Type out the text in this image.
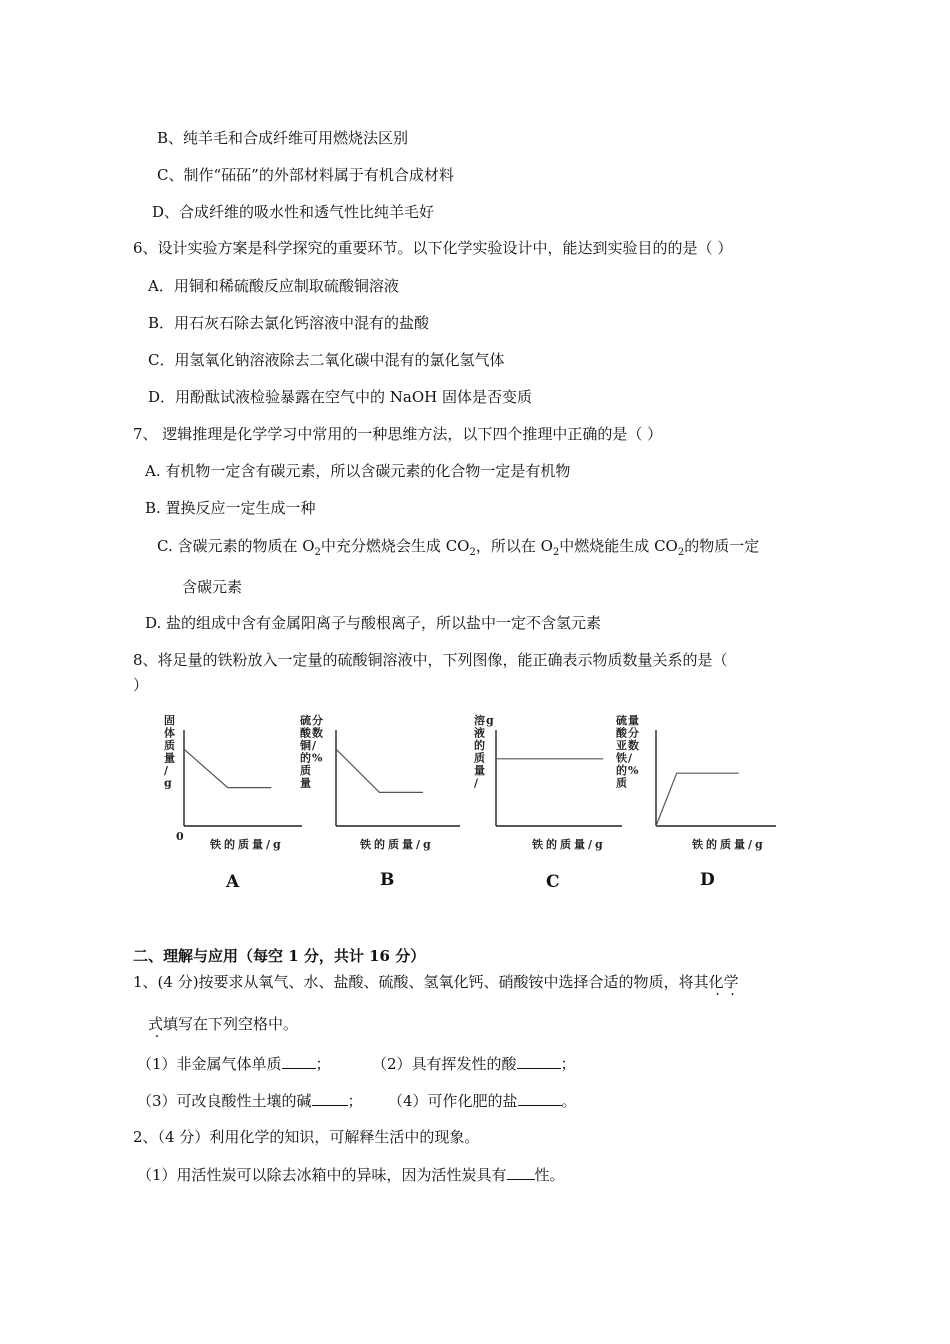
B、纯羊毛和合成纤维可用燃烧法区别
C、制作“砳砳”的外部材料属于有机合成材料
D、合成纤维的吸水性和透气性比纯羊毛好
6、设计实验方案是科学探究的重要环节。以下化学实验设计中，能达到实验目的的是（ ）
A．用铜和稀硫酸反应制取硫酸铜溶液
B．用石灰石除去氯化钙溶液中混有的盐酸
C．用氢氧化钠溶液除去二氧化碳中混有的氯化氢气体
D．用酚酞试液检验暴露在空气中的 NaOH 固体是否变质
7、 逻辑推理是化学学习中常用的一种思维方法，以下四个推理中正确的是（ ）
A. 有机物一定含有碳元素，所以含碳元素的化合物一定是有机物
B. 置换反应一定生成一种
C. 含碳元素的物质在 $O_2$中充分燃烧会生成 $CO_2$，所以在 $O_2$中燃烧能生成 $CO_2$的物质一定
含碳元素
D. 盐的组成中含有金属阳离子与酸根离子，所以盐中一定不含氢元素
8、将足量的铁粉放入一定量的硫酸铜溶液中，下列图像，能正确表示物质数量关系的是（
）
固
体
质
量
/
g
0
铁的质量/g
硫
酸
铜
的
质
量
分
数
/
%
铁的质量/g
溶
液
的
质
量
/
g
铁的质量/g
硫
酸
亚
铁
的
质
量
分
数
/
%
铁的质量/g
A	B	C	D
二、理解与应用（每空 1 分，共计 16 分）
1、(4 分)按要求从氧气、水、盐酸、硫酸、氢氧化钙、硝酸铵中选择合适的物质，将其化学
式填写在下列空格中。
（1）非金属气体单质 ；	（2）具有挥发性的酸	；
（3）可改良酸性土壤的碱 ； （4）可作化肥的盐	。
2、（4 分）利用化学的知识，可解释生活中的现象。
（1）用活性炭可以除去冰箱中的异味，因为活性炭具有 性。
